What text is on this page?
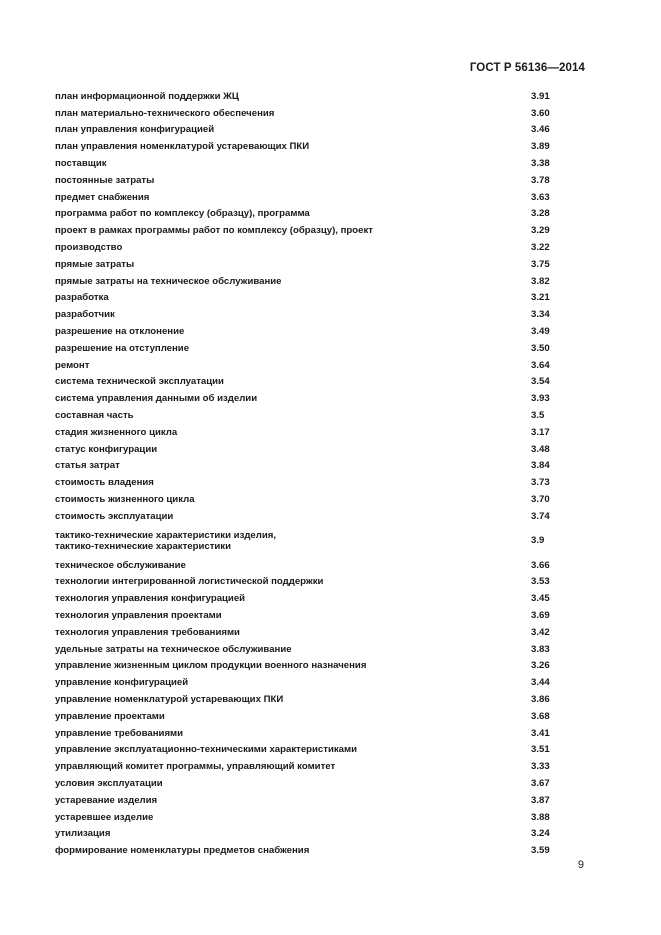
ГОСТ Р 56136—2014
план информационной поддержки ЖЦ	3.91
план материально-технического обеспечения	3.60
план управления конфигурацией	3.46
план управления номенклатурой устаревающих ПКИ	3.89
поставщик	3.38
постоянные затраты	3.78
предмет снабжения	3.63
программа работ по комплексу (образцу), программа	3.28
проект в рамках программы работ по комплексу (образцу), проект	3.29
производство	3.22
прямые затраты	3.75
прямые затраты на техническое обслуживание	3.82
разработка	3.21
разработчик	3.34
разрешение на отклонение	3.49
разрешение на отступление	3.50
ремонт	3.64
система технической эксплуатации	3.54
система управления данными об изделии	3.93
составная часть	3.5
стадия жизненного цикла	3.17
статус конфигурации	3.48
статья затрат	3.84
стоимость владения	3.73
стоимость жизненного цикла	3.70
стоимость эксплуатации	3.74
тактико-технические характеристики изделия,
тактико-технические характеристики	3.9
техническое обслуживание	3.66
технологии интегрированной логистической поддержки	3.53
технология управления конфигурацией	3.45
технология управления проектами	3.69
технология управления требованиями	3.42
удельные затраты на техническое обслуживание	3.83
управление жизненным циклом продукции военного назначения	3.26
управление конфигурацией	3.44
управление номенклатурой устаревающих ПКИ	3.86
управление проектами	3.68
управление требованиями	3.41
управление эксплуатационно-техническими характеристиками	3.51
управляющий комитет программы, управляющий комитет	3.33
условия эксплуатации	3.67
устаревание изделия	3.87
устаревшее изделие	3.88
утилизация	3.24
формирование номенклатуры предметов снабжения	3.59
9
